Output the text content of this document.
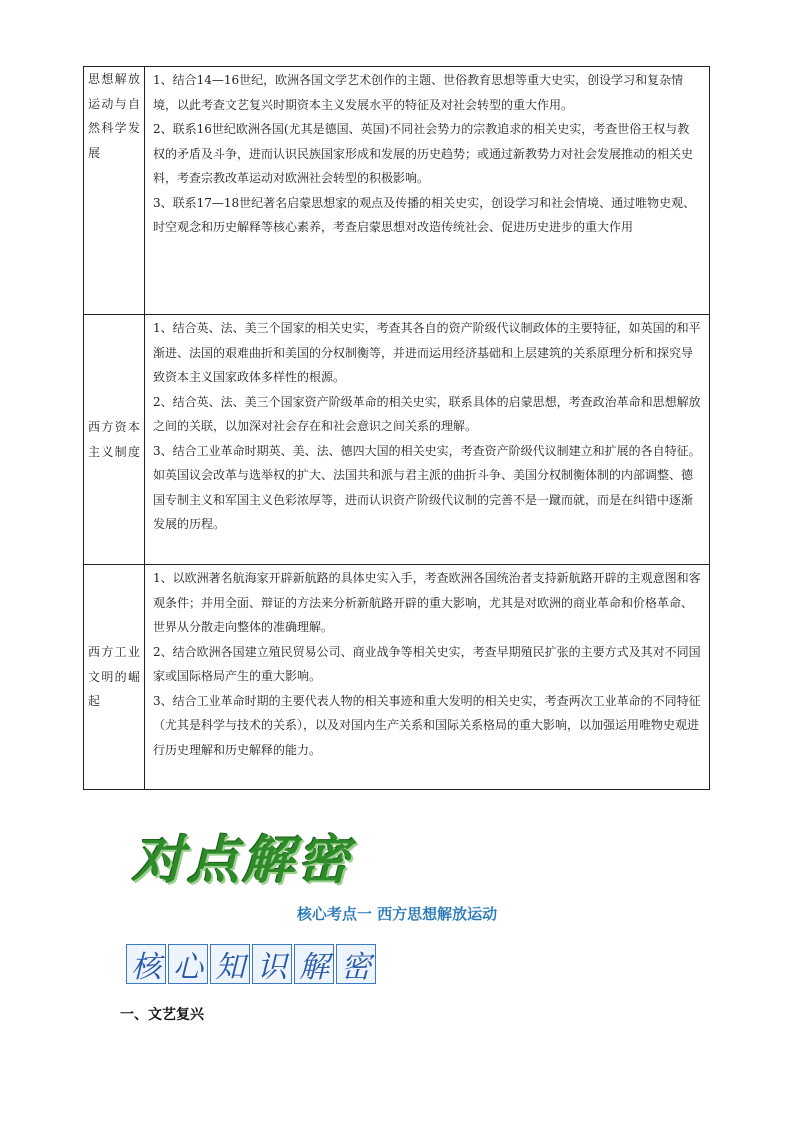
思想解放运动与自然科学发展	1、结合14—16世纪，欧洲各国文学艺术创作的主题、世俗教育思想等重大史实，创设学习和复杂情境，以此考查文艺复兴时期资本主义发展水平的特征及对社会转型的重大作用。

2、联系16世纪欧洲各国(尤其是德国、英国)不同社会势力的宗教追求的相关史实，考查世俗王权与教权的矛盾及斗争，进而认识民族国家形成和发展的历史趋势；或通过新教势力对社会发展推动的相关史料，考查宗教改革运动对欧洲社会转型的积极影响。

3、联系17—18世纪著名启蒙思想家的观点及传播的相关史实，创设学习和社会情境、通过唯物史观、时空观念和历史解释等核心素养，考查启蒙思想对改造传统社会、促进历史进步的重大作用

西方资本主义制度	1、结合英、法、美三个国家的相关史实，考查其各自的资产阶级代议制政体的主要特征，如英国的和平渐进、法国的艰难曲折和美国的分权制衡等，并进而运用经济基础和上层建筑的关系原理分析和探究导致资本主义国家政体多样性的根源。

2、结合英、法、美三个国家资产阶级革命的相关史实，联系具体的启蒙思想，考查政治革命和思想解放之间的关联，以加深对社会存在和社会意识之间关系的理解。

3、结合工业革命时期英、美、法、德四大国的相关史实，考查资产阶级代议制建立和扩展的各自特征。如英国议会改革与选举权的扩大、法国共和派与君主派的曲折斗争、美国分权制衡体制的内部调整、德国专制主义和军国主义色彩浓厚等，进而认识资产阶级代议制的完善不是一蹴而就，而是在纠错中逐渐发展的历程。

西方工业文明的崛起	1、以欧洲著名航海家开辟新航路的具体史实入手，考查欧洲各国统治者支持新航路开辟的主观意图和客观条件；并用全面、辩证的方法来分析新航路开辟的重大影响，尤其是对欧洲的商业革命和价格革命、世界从分散走向整体的准确理解。

2、结合欧洲各国建立殖民贸易公司、商业战争等相关史实，考查早期殖民扩张的主要方式及其对不同国家或国际格局产生的重大影响。

3、结合工业革命时期的主要代表人物的相关事迹和重大发明的相关史实，考查两次工业革命的不同特征（尤其是科学与技术的关系），以及对国内生产关系和国际关系格局的重大影响，以加强运用唯物史观进行历史理解和历史解释的能力。

对点解密
核心考点一 西方思想解放运动
核 心 知 识 解 密
一、文艺复兴
